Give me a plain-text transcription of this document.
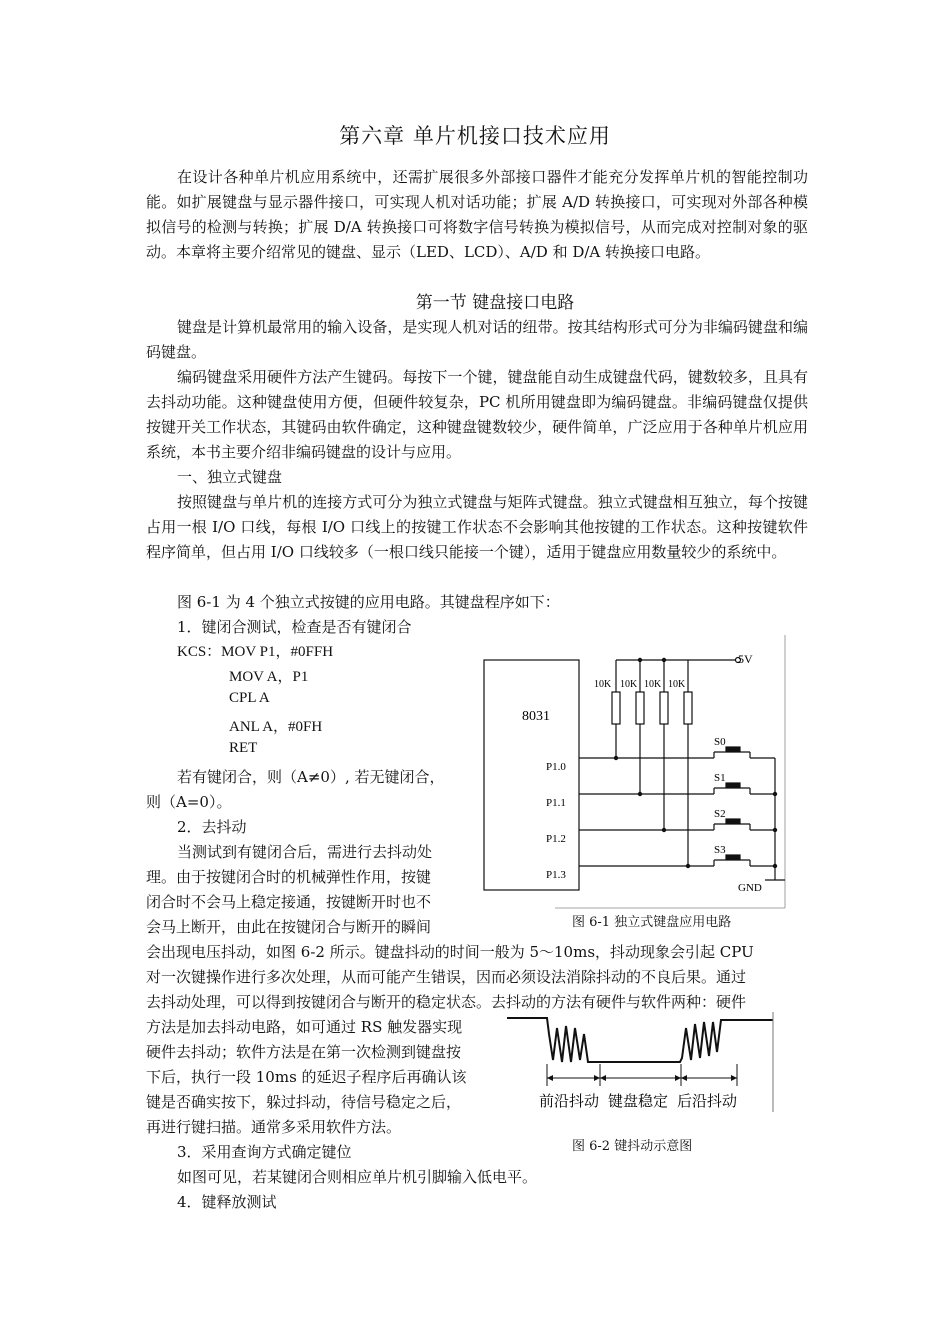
第六章 单片机接口技术应用
在设计各种单片机应用系统中，还需扩展很多外部接口器件才能充分发挥单片机的智能控制功能。如扩展键盘与显示器件接口，可实现人机对话功能；扩展 A/D 转换接口，可实现对外部各种模拟信号的检测与转换；扩展 D/A 转换接口可将数字信号转换为模拟信号，从而完成对控制对象的驱动。本章将主要介绍常见的键盘、显示（LED、LCD）、A/D 和 D/A 转换接口电路。
第一节 键盘接口电路
键盘是计算机最常用的输入设备，是实现人机对话的纽带。按其结构形式可分为非编码键盘和编码键盘。
编码键盘采用硬件方法产生键码。每按下一个键，键盘能自动生成键盘代码，键数较多，且具有去抖动功能。这种键盘使用方便，但硬件较复杂，PC 机所用键盘即为编码键盘。非编码键盘仅提供按键开关工作状态，其键码由软件确定，这种键盘键数较少，硬件简单，广泛应用于各种单片机应用系统，本书主要介绍非编码键盘的设计与应用。
一、独立式键盘
按照键盘与单片机的连接方式可分为独立式键盘与矩阵式键盘。独立式键盘相互独立，每个按键占用一根 I/O 口线，每根 I/O 口线上的按键工作状态不会影响其他按键的工作状态。这种按键软件程序简单，但占用 I/O 口线较多（一根口线只能接一个键），适用于键盘应用数量较少的系统中。
图 6-1 为 4 个独立式按键的应用电路。其键盘程序如下：
1．键闭合测试，检查是否有键闭合
KCS：MOV P1，#0FFH
MOV A，P1
CPL A
ANL A，#0FH
RET
若有键闭合，则（A≠0）, 若无键闭合，
则（A=0）。
2．去抖动
当测试到有键闭合后，需进行去抖动处
理。由于按键闭合时的机械弹性作用，按键
闭合时不会马上稳定接通，按键断开时也不
会马上断开，由此在按键闭合与断开的瞬间
会出现电压抖动，如图 6-2 所示。键盘抖动的时间一般为 5～10ms，抖动现象会引起 CPU
对一次键操作进行多次处理，从而可能产生错误，因而必须设法消除抖动的不良后果。通过
去抖动处理，可以得到按键闭合与断开的稳定状态。去抖动的方法有硬件与软件两种：硬件
方法是加去抖动电路，如可通过 RS 触发器实现
硬件去抖动；软件方法是在第一次检测到键盘按
下后，执行一段 10ms 的延迟子程序后再确认该
键是否确实按下，躲过抖动，待信号稳定之后，
再进行键扫描。通常多采用软件方法。
3．采用查询方式确定键位
如图可见，若某键闭合则相应单片机引脚输入低电平。
4．键释放测试
8031
5V
GND
10K 10K 10K 10K
P1.0
P1.1
P1.2
P1.3
S0
S1
S2
S3
图 6-1 独立式键盘应用电路
前沿抖动 键盘稳定 后沿抖动
图 6-2 键抖动示意图
